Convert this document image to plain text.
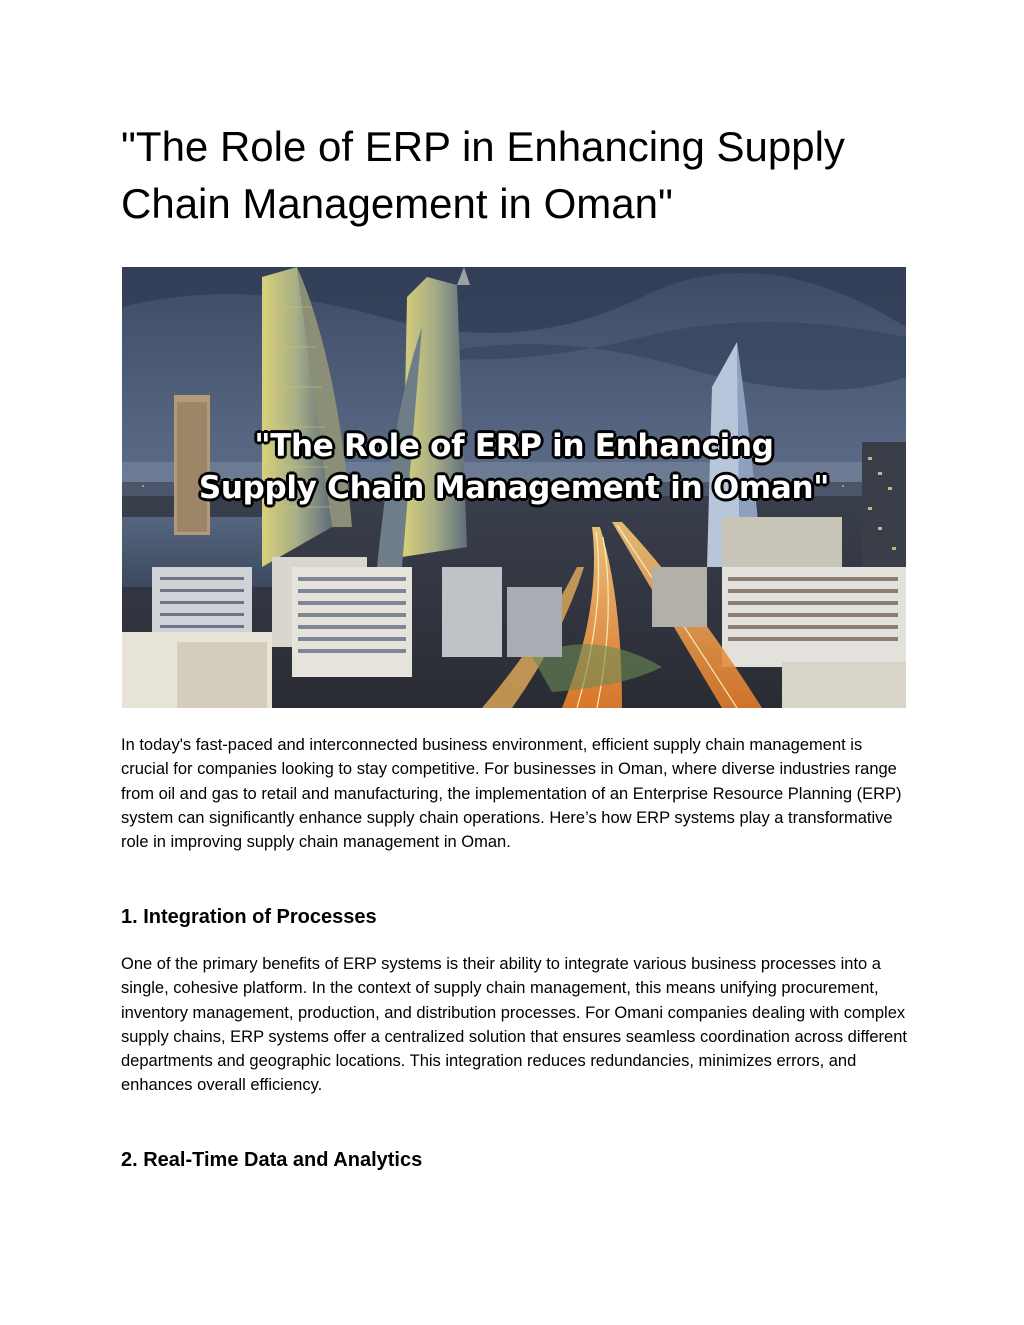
"The Role of ERP in Enhancing Supply Chain Management in Oman"
"The Role of ERP in Enhancing
Supply Chain Management in Oman"

In today's fast-paced and interconnected business environment, efficient supply chain management is crucial for companies looking to stay competitive. For businesses in Oman, where diverse industries range from oil and gas to retail and manufacturing, the implementation of an Enterprise Resource Planning (ERP) system can significantly enhance supply chain operations. Here’s how ERP systems play a transformative role in improving supply chain management in Oman.

1. Integration of Processes

One of the primary benefits of ERP systems is their ability to integrate various business processes into a single, cohesive platform. In the context of supply chain management, this means unifying procurement, inventory management, production, and distribution processes. For Omani companies dealing with complex supply chains, ERP systems offer a centralized solution that ensures seamless coordination across different departments and geographic locations. This integration reduces redundancies, minimizes errors, and enhances overall efficiency.

2. Real-Time Data and Analytics
